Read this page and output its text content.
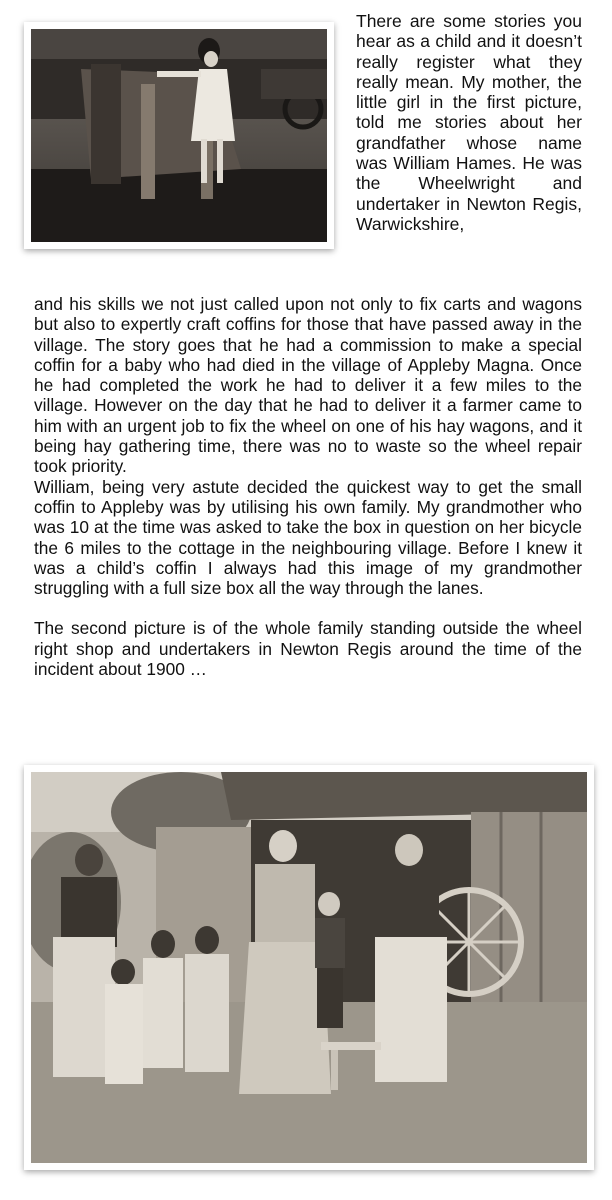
There are some stories you hear as a child and it doesn’t really register what they really mean. My mother, the little girl in the first picture, told me stories about her grandfather whose name was William Hames. He was the Wheelwright and undertaker in Newton Regis, Warwickshire,

and his skills we not just called upon not only to fix carts and wagons but also to expertly craft coffins for those that have passed away in the village. The story goes that he had a commission to make a special coffin for a baby who had died in the village of Appleby Magna. Once he had completed the work he had to deliver it a few miles to the village. However on the day that he had to deliver it a farmer came to him with an urgent job to fix the wheel on one of his hay wagons, and it being hay gathering time, there was no to waste so the wheel repair took priority.

William, being very astute decided the quickest way to get the small coffin to Appleby was by utilising his own family. My grandmother who was 10 at the time was asked to take the box in question on her bicycle the 6 miles to the cottage in the neighbouring village. Before I knew it was a child’s coffin I always had this image of my grandmother struggling with a full size box all the way through the lanes.

The second picture is of the whole family standing outside the wheel right shop and undertakers in Newton Regis around the time of the incident about 1900 …
